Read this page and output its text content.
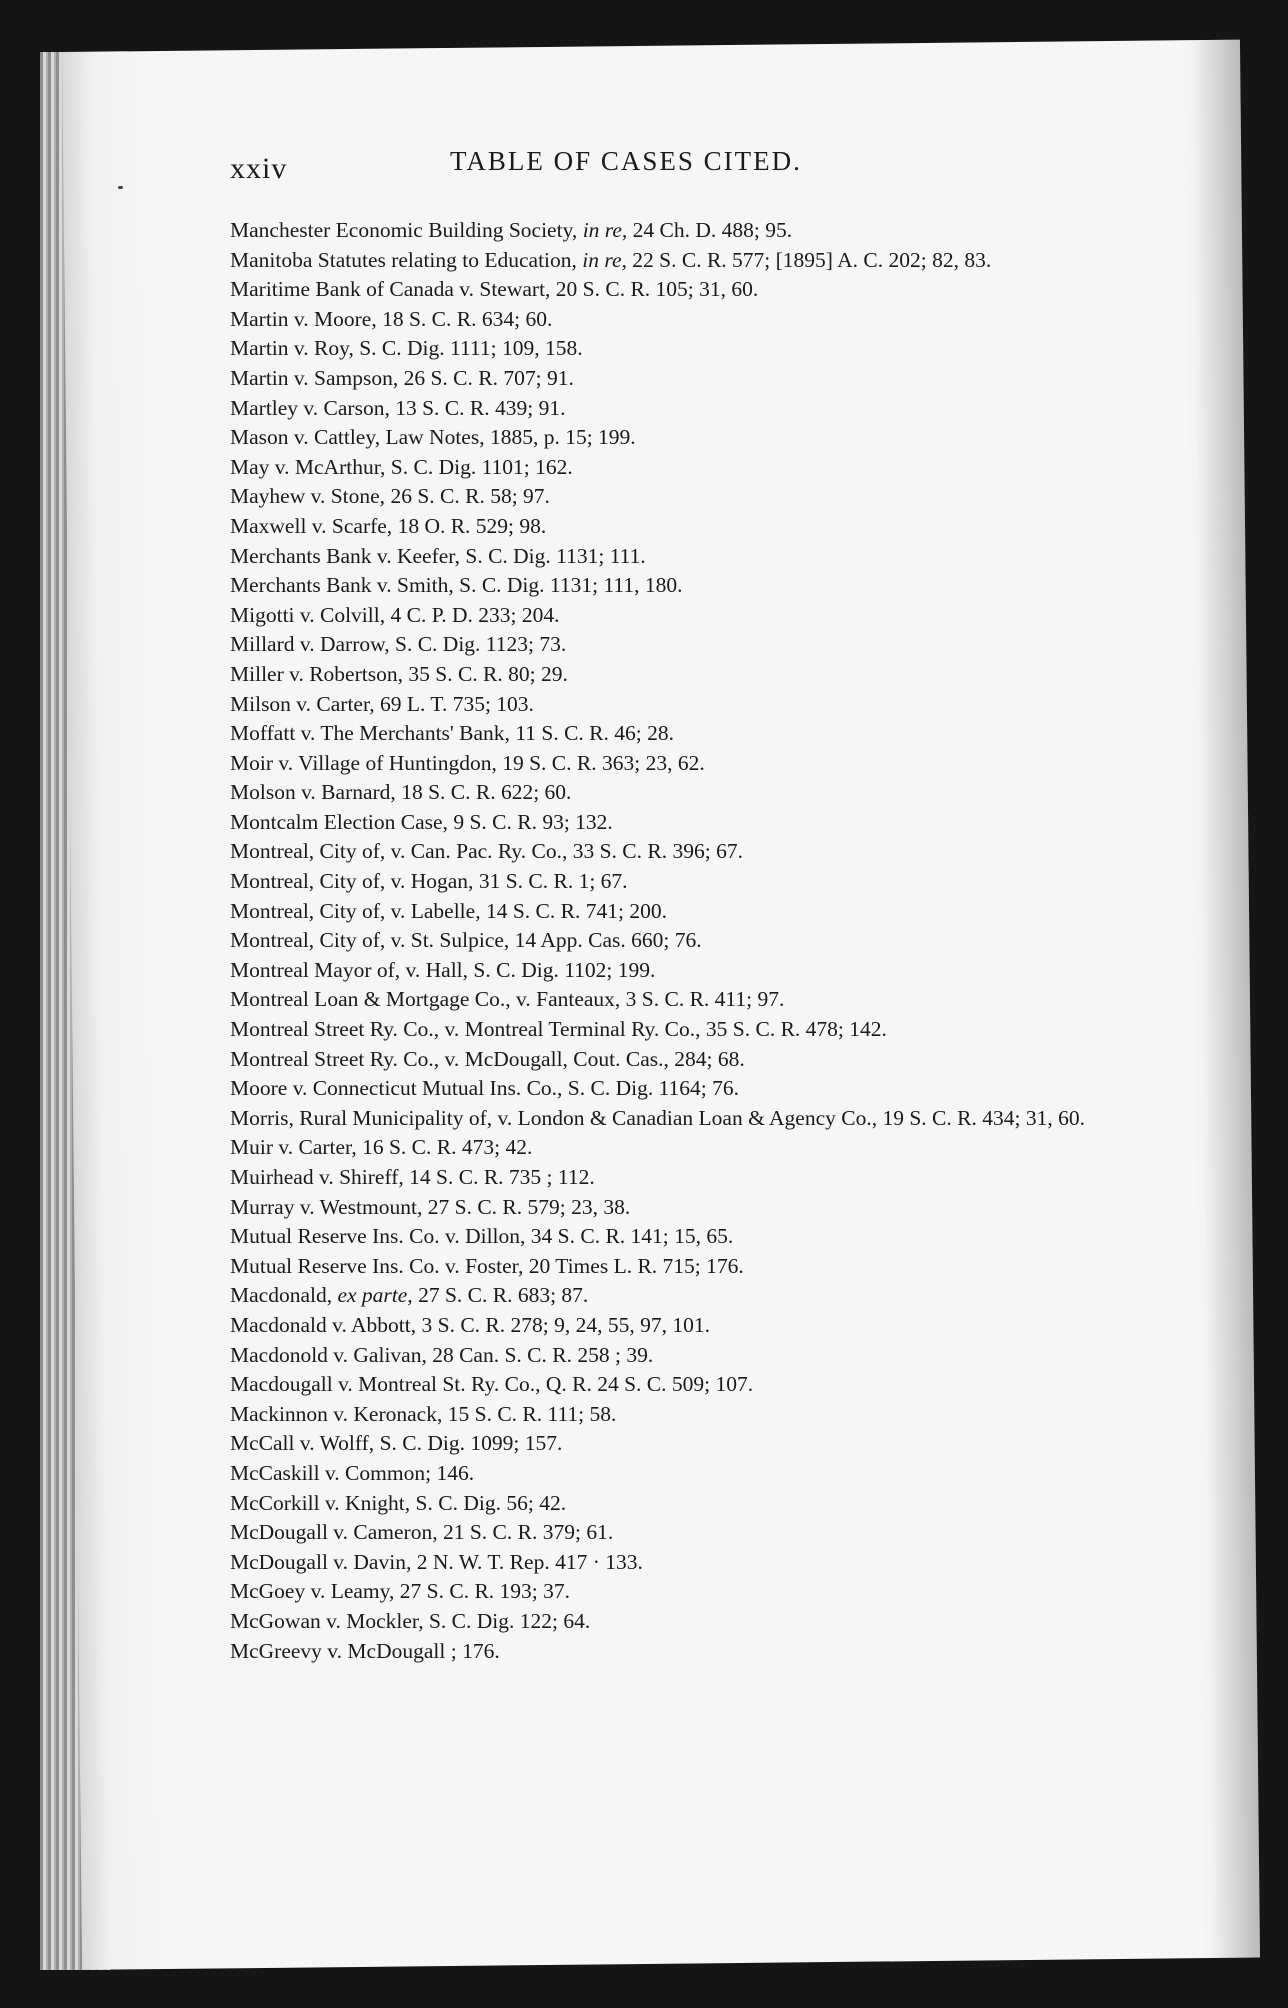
xxiv	TABLE OF CASES CITED.
Manchester Economic Building Society, in re, 24 Ch. D. 488; 95.
Manitoba Statutes relating to Education, in re, 22 S. C. R. 577; [1895] A. C. 202; 82, 83.
Maritime Bank of Canada v. Stewart, 20 S. C. R. 105; 31, 60.
Martin v. Moore, 18 S. C. R. 634; 60.
Martin v. Roy, S. C. Dig. 1111; 109, 158.
Martin v. Sampson, 26 S. C. R. 707; 91.
Martley v. Carson, 13 S. C. R. 439; 91.
Mason v. Cattley, Law Notes, 1885, p. 15; 199.
May v. McArthur, S. C. Dig. 1101; 162.
Mayhew v. Stone, 26 S. C. R. 58; 97.
Maxwell v. Scarfe, 18 O. R. 529; 98.
Merchants Bank v. Keefer, S. C. Dig. 1131; 111.
Merchants Bank v. Smith, S. C. Dig. 1131; 111, 180.
Migotti v. Colvill, 4 C. P. D. 233; 204.
Millard v. Darrow, S. C. Dig. 1123; 73.
Miller v. Robertson, 35 S. C. R. 80; 29.
Milson v. Carter, 69 L. T. 735; 103.
Moffatt v. The Merchants' Bank, 11 S. C. R. 46; 28.
Moir v. Village of Huntingdon, 19 S. C. R. 363; 23, 62.
Molson v. Barnard, 18 S. C. R. 622; 60.
Montcalm Election Case, 9 S. C. R. 93; 132.
Montreal, City of, v. Can. Pac. Ry. Co., 33 S. C. R. 396; 67.
Montreal, City of, v. Hogan, 31 S. C. R. 1; 67.
Montreal, City of, v. Labelle, 14 S. C. R. 741; 200.
Montreal, City of, v. St. Sulpice, 14 App. Cas. 660; 76.
Montreal Mayor of, v. Hall, S. C. Dig. 1102; 199.
Montreal Loan & Mortgage Co., v. Fanteaux, 3 S. C. R. 411; 97.
Montreal Street Ry. Co., v. Montreal Terminal Ry. Co., 35 S. C. R. 478; 142.
Montreal Street Ry. Co., v. McDougall, Cout. Cas., 284; 68.
Moore v. Connecticut Mutual Ins. Co., S. C. Dig. 1164; 76.
Morris, Rural Municipality of, v. London & Canadian Loan & Agency Co., 19 S. C. R. 434; 31, 60.
Muir v. Carter, 16 S. C. R. 473; 42.
Muirhead v. Shireff, 14 S. C. R. 735 ; 112.
Murray v. Westmount, 27 S. C. R. 579; 23, 38.
Mutual Reserve Ins. Co. v. Dillon, 34 S. C. R. 141; 15, 65.
Mutual Reserve Ins. Co. v. Foster, 20 Times L. R. 715; 176.
Macdonald, ex parte, 27 S. C. R. 683; 87.
Macdonald v. Abbott, 3 S. C. R. 278; 9, 24, 55, 97, 101.
Macdonold v. Galivan, 28 Can. S. C. R. 258 ; 39.
Macdougall v. Montreal St. Ry. Co., Q. R. 24 S. C. 509; 107.
Mackinnon v. Keronack, 15 S. C. R. 111; 58.
McCall v. Wolff, S. C. Dig. 1099; 157.
McCaskill v. Common; 146.
McCorkill v. Knight, S. C. Dig. 56; 42.
McDougall v. Cameron, 21 S. C. R. 379; 61.
McDougall v. Davin, 2 N. W. T. Rep. 417 · 133.
McGoey v. Leamy, 27 S. C. R. 193; 37.
McGowan v. Mockler, S. C. Dig. 122; 64.
McGreevy v. McDougall ; 176.
